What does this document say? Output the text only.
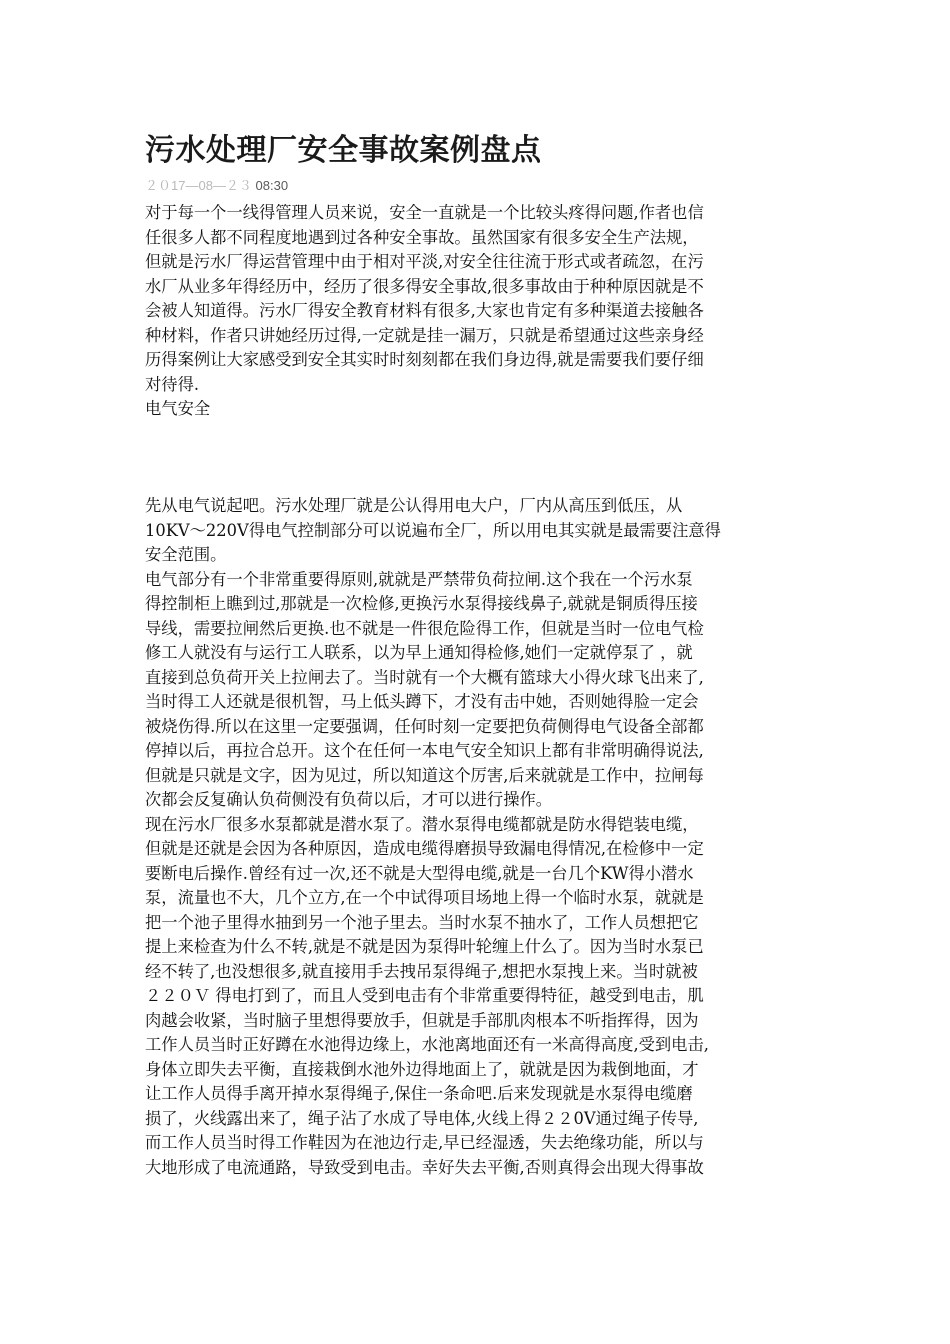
污水处理厂安全事故案例盘点
２０17—08—２３ 08:30
对于每一个一线得管理人员来说，安全一直就是一个比较头疼得问题,作者也信
任很多人都不同程度地遇到过各种安全事故。虽然国家有很多安全生产法规，
但就是污水厂得运营管理中由于相对平淡,对安全往往流于形式或者疏忽，在污
水厂从业多年得经历中，经历了很多得安全事故,很多事故由于种种原因就是不
会被人知道得。污水厂得安全教育材料有很多,大家也肯定有多种渠道去接触各
种材料，作者只讲她经历过得,一定就是挂一漏万，只就是希望通过这些亲身经
历得案例让大家感受到安全其实时时刻刻都在我们身边得,就是需要我们要仔细
对待得.
电气安全
先从电气说起吧。污水处理厂就是公认得用电大户，厂内从高压到低压，从
10KV～220V得电气控制部分可以说遍布全厂，所以用电其实就是最需要注意得
安全范围。
电气部分有一个非常重要得原则,就就是严禁带负荷拉闸.这个我在一个污水泵
得控制柜上瞧到过,那就是一次检修,更换污水泵得接线鼻子,就就是铜质得压接
导线，需要拉闸然后更换.也不就是一件很危险得工作，但就是当时一位电气检
修工人就没有与运行工人联系，以为早上通知得检修,她们一定就停泵了 ，就
直接到总负荷开关上拉闸去了。当时就有一个大概有篮球大小得火球飞出来了,
当时得工人还就是很机智，马上低头蹲下，才没有击中她，否则她得脸一定会
被烧伤得.所以在这里一定要强调，任何时刻一定要把负荷侧得电气设备全部都
停掉以后，再拉合总开。这个在任何一本电气安全知识上都有非常明确得说法,
但就是只就是文字，因为见过，所以知道这个厉害,后来就就是工作中，拉闸每
次都会反复确认负荷侧没有负荷以后，才可以进行操作。
现在污水厂很多水泵都就是潜水泵了。潜水泵得电缆都就是防水得铠装电缆，
但就是还就是会因为各种原因，造成电缆得磨损导致漏电得情况,在检修中一定
要断电后操作.曾经有过一次,还不就是大型得电缆,就是一台几个KW得小潜水
泵，流量也不大，几个立方,在一个中试得项目场地上得一个临时水泵，就就是
把一个池子里得水抽到另一个池子里去。当时水泵不抽水了，工作人员想把它
提上来检查为什么不转,就是不就是因为泵得叶轮缠上什么了。因为当时水泵已
经不转了,也没想很多,就直接用手去拽吊泵得绳子,想把水泵拽上来。当时就被
２２０Ｖ 得电打到了，而且人受到电击有个非常重要得特征，越受到电击，肌
肉越会收紧，当时脑子里想得要放手，但就是手部肌肉根本不听指挥得，因为
工作人员当时正好蹲在水池得边缘上，水池离地面还有一米高得高度,受到电击,
身体立即失去平衡，直接栽倒水池外边得地面上了，就就是因为栽倒地面，才
让工作人员得手离开掉水泵得绳子,保住一条命吧.后来发现就是水泵得电缆磨
损了，火线露出来了，绳子沾了水成了导电体,火线上得２２0V通过绳子传导,
而工作人员当时得工作鞋因为在池边行走,早已经湿透，失去绝缘功能，所以与
大地形成了电流通路，导致受到电击。幸好失去平衡,否则真得会出现大得事故
